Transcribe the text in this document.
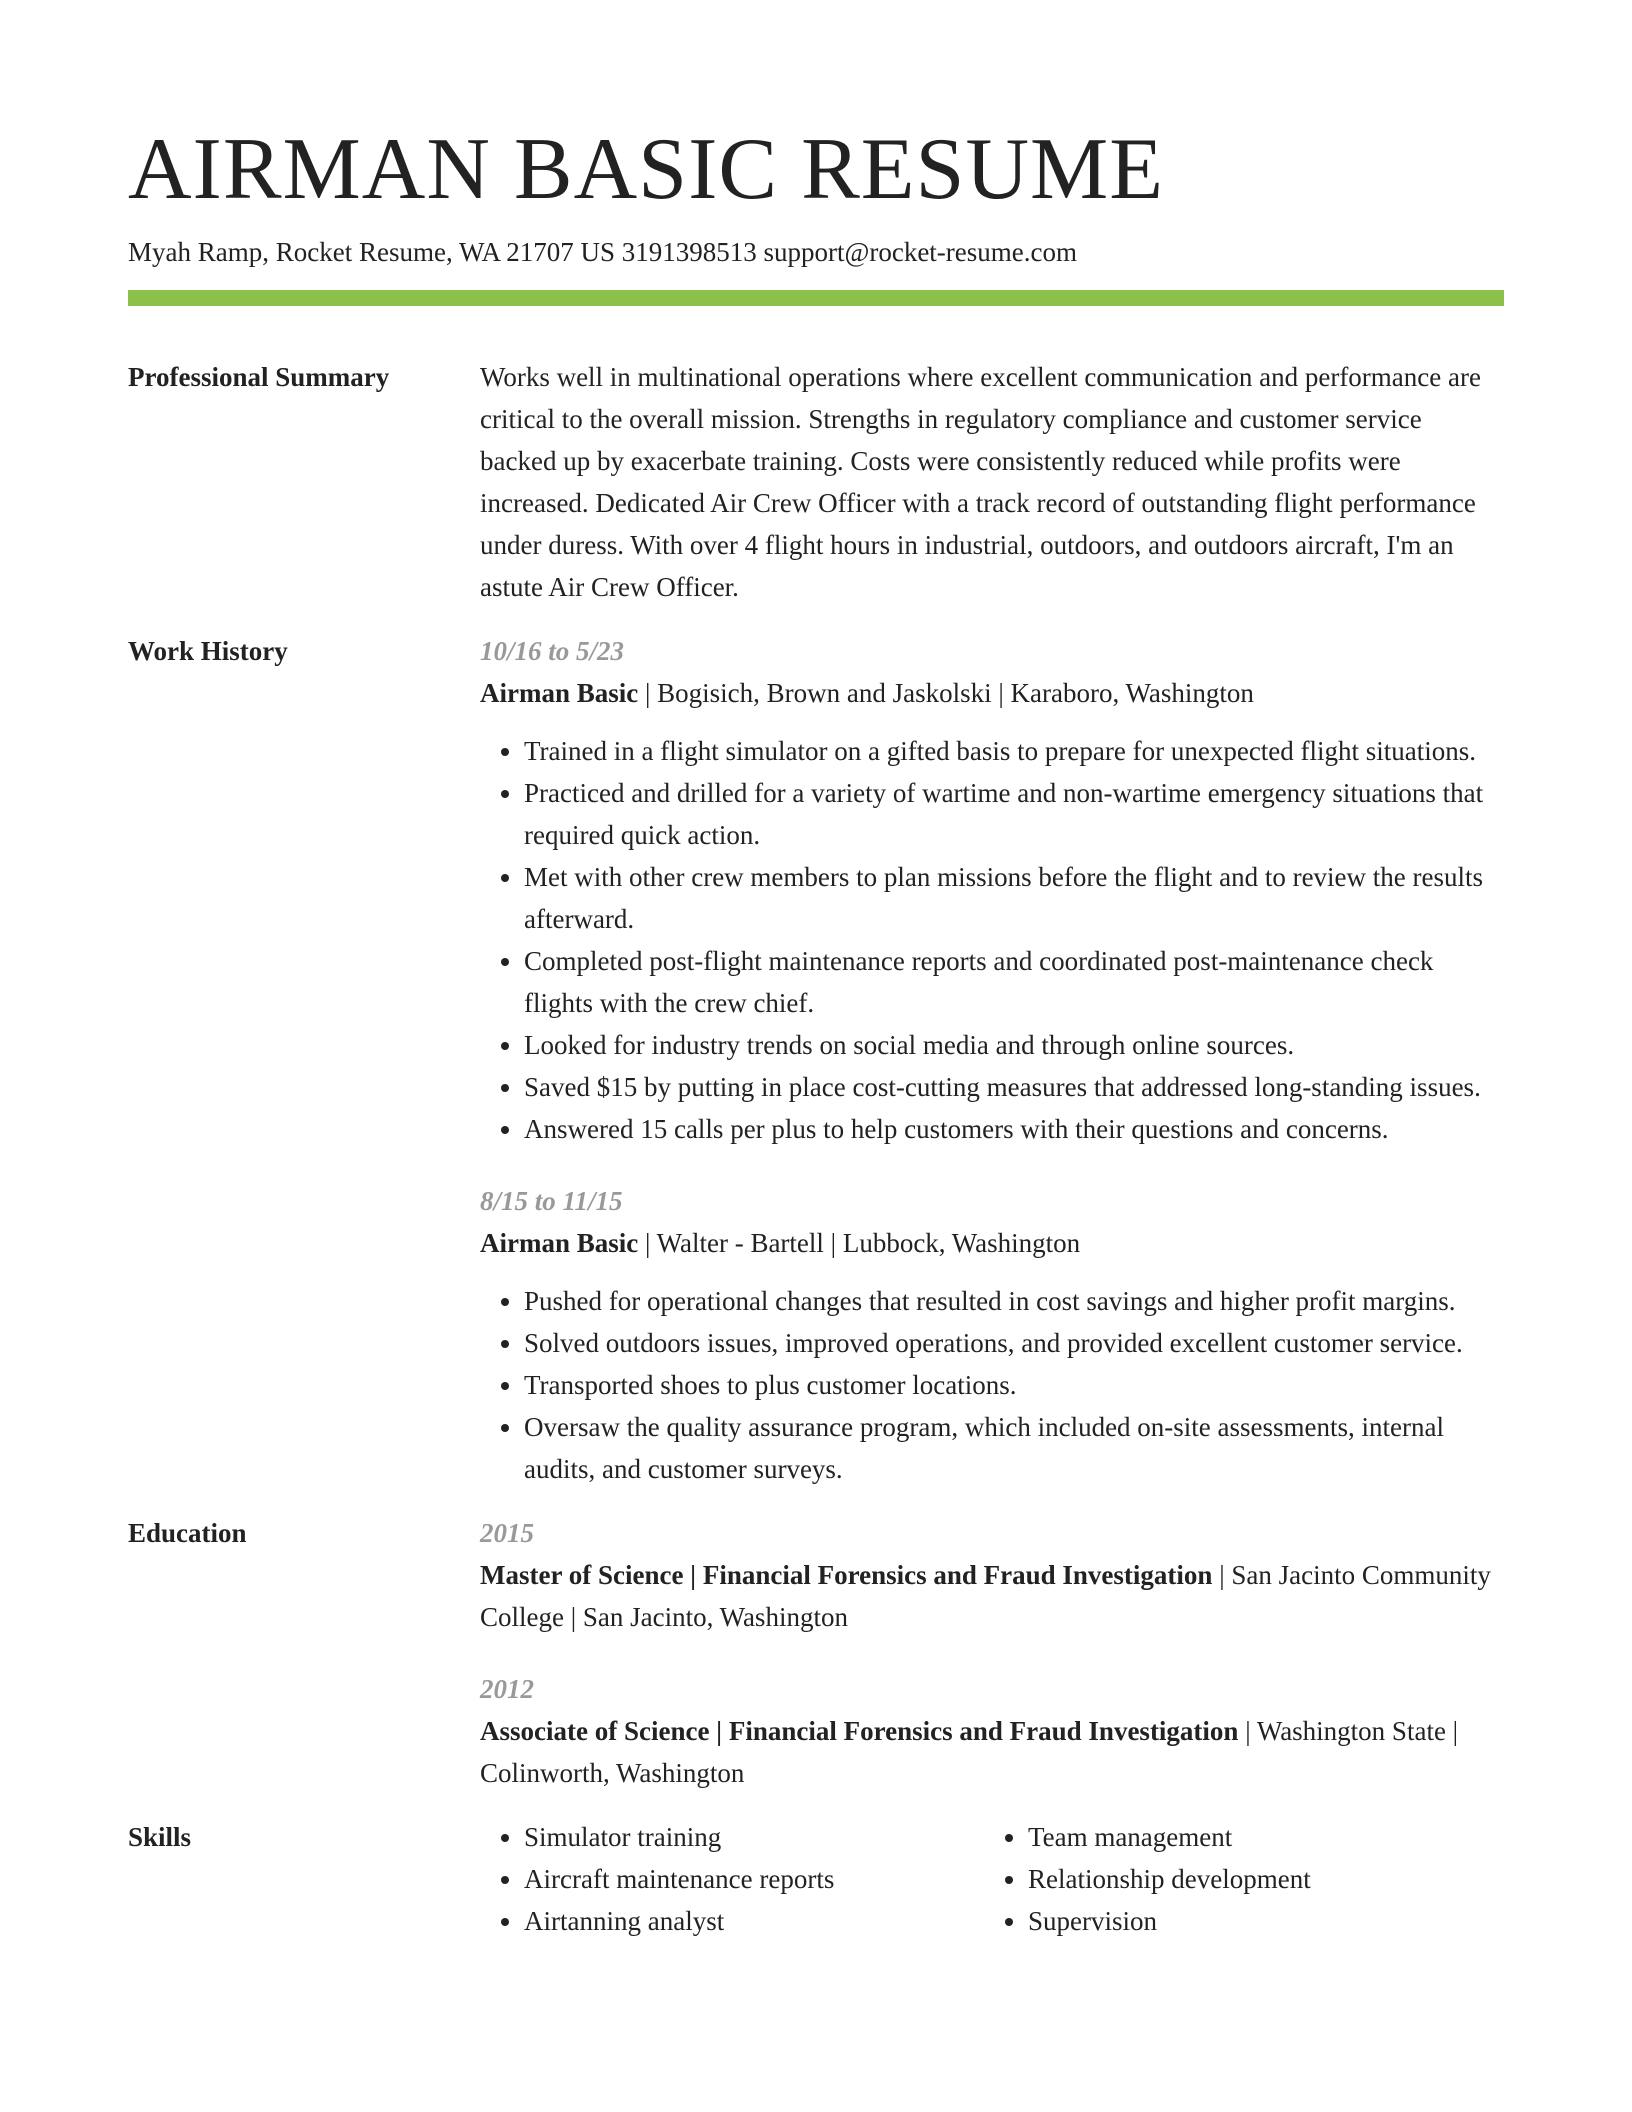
AIRMAN BASIC RESUME
Myah Ramp, Rocket Resume, WA 21707 US 3191398513 support@rocket-resume.com
Professional Summary	Works well in multinational operations where excellent communication and performance are critical to the overall mission. Strengths in regulatory compliance and customer service backed up by exacerbate training. Costs were consistently reduced while profits were increased. Dedicated Air Crew Officer with a track record of outstanding flight performance under duress. With over 4 flight hours in industrial, outdoors, and outdoors aircraft, I'm an astute Air Crew Officer.

Work History	10/16 to 5/23
Airman Basic | Bogisich, Brown and Jaskolski | Karaboro, Washington
• Trained in a flight simulator on a gifted basis to prepare for unexpected flight situations.
• Practiced and drilled for a variety of wartime and non-wartime emergency situations that required quick action.
• Met with other crew members to plan missions before the flight and to review the results afterward.
• Completed post-flight maintenance reports and coordinated post-maintenance check flights with the crew chief.
• Looked for industry trends on social media and through online sources.
• Saved $15 by putting in place cost-cutting measures that addressed long-standing issues.
• Answered 15 calls per plus to help customers with their questions and concerns.
8/15 to 11/15
Airman Basic | Walter - Bartell | Lubbock, Washington
• Pushed for operational changes that resulted in cost savings and higher profit margins.
• Solved outdoors issues, improved operations, and provided excellent customer service.
• Transported shoes to plus customer locations.
• Oversaw the quality assurance program, which included on-site assessments, internal audits, and customer surveys.
Education	2015
Master of Science | Financial Forensics and Fraud Investigation | San Jacinto Community College | San Jacinto, Washington
2012
Associate of Science | Financial Forensics and Fraud Investigation | Washington State | Colinworth, Washington
Skills
•	Simulator training
• Aircraft maintenance reports
• Airtanning analyst
• Team management
• Relationship development
• Supervision
